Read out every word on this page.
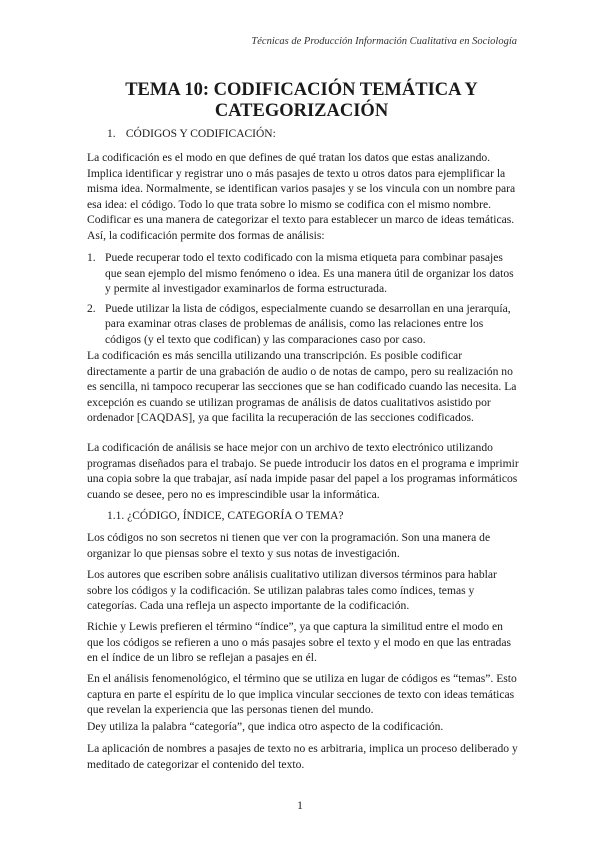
Técnicas de Producción Información Cualitativa en Sociología
TEMA 10: CODIFICACIÓN TEMÁTICA Y
CATEGORIZACIÓN

1. CÓDIGOS Y CODIFICACIÓN:

La codificación es el modo en que defines de qué tratan los datos que estas analizando. Implica identificar y registrar uno o más pasajes de texto u otros datos para ejemplificar la misma idea. Normalmente, se identifican varios pasajes y se los vincula con un nombre para esa idea: el código. Todo lo que trata sobre lo mismo se codifica con el mismo nombre. Codificar es una manera de categorizar el texto para establecer un marco de ideas temáticas. Así, la codificación permite dos formas de análisis:

1. Puede recuperar todo el texto codificado con la misma etiqueta para combinar pasajes que sean ejemplo del mismo fenómeno o idea. Es una manera útil de organizar los datos y permite al investigador examinarlos de forma estructurada.
2. Puede utilizar la lista de códigos, especialmente cuando se desarrollan en una jerarquía, para examinar otras clases de problemas de análisis, como las relaciones entre los códigos (y el texto que codifican) y las comparaciones caso por caso.

La codificación es más sencilla utilizando una transcripción. Es posible codificar directamente a partir de una grabación de audio o de notas de campo, pero su realización no es sencilla, ni tampoco recuperar las secciones que se han codificado cuando las necesita. La excepción es cuando se utilizan programas de análisis de datos cualitativos asistido por ordenador [CAQDAS], ya que facilita la recuperación de las secciones codificados.

La codificación de análisis se hace mejor con un archivo de texto electrónico utilizando programas diseñados para el trabajo. Se puede introducir los datos en el programa e imprimir una copia sobre la que trabajar, así nada impide pasar del papel a los programas informáticos cuando se desee, pero no es imprescindible usar la informática.

1.1. ¿CÓDIGO, ÍNDICE, CATEGORÍA O TEMA?

Los códigos no son secretos ni tienen que ver con la programación. Son una manera de organizar lo que piensas sobre el texto y sus notas de investigación.

Los autores que escriben sobre análisis cualitativo utilizan diversos términos para hablar sobre los códigos y la codificación. Se utilizan palabras tales como índices, temas y categorías. Cada una refleja un aspecto importante de la codificación.

Richie y Lewis prefieren el término “índice”, ya que captura la similitud entre el modo en que los códigos se refieren a uno o más pasajes sobre el texto y el modo en que las entradas en el índice de un libro se reflejan a pasajes en él.

En el análisis fenomenológico, el término que se utiliza en lugar de códigos es “temas”. Esto captura en parte el espíritu de lo que implica vincular secciones de texto con ideas temáticas que revelan la experiencia que las personas tienen del mundo.

Dey utiliza la palabra “categoría”, que indica otro aspecto de la codificación.

La aplicación de nombres a pasajes de texto no es arbitraria, implica un proceso deliberado y meditado de categorizar el contenido del texto.

1
